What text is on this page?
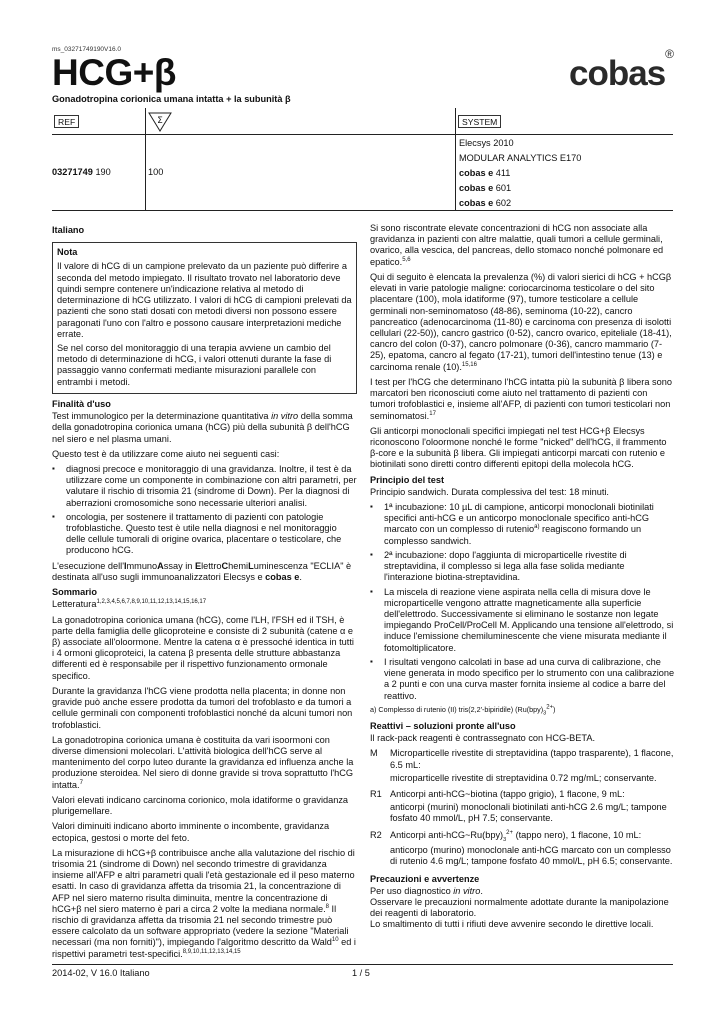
ms_03271749190V16.0
HCG+β
Gonadotropina corionica umana intatta + la subunità β
cobas®
REF	Σ	SYSTEM
03271749 190	100
Elecsys 2010
MODULAR ANALYTICS E170
cobas e 411
cobas e 601
cobas e 602
Italiano
Nota

Il valore di hCG di un campione prelevato da un paziente può differire a seconda del metodo impiegato. Il risultato trovato nel laboratorio deve quindi sempre contenere un'indicazione relativa al metodo di determinazione di hCG utilizzato. I valori di hCG di campioni prelevati da pazienti che sono stati dosati con metodi diversi non possono essere paragonati l'uno con l'altro e possono causare interpretazioni mediche errate.

Se nel corso del monitoraggio di una terapia avviene un cambio del metodo di determinazione di hCG, i valori ottenuti durante la fase di passaggio vanno confermati mediante misurazioni parallele con entrambi i metodi.

Finalità d'uso

Test immunologico per la determinazione quantitativa in vitro della somma della gonadotropina corionica umana (hCG) più della subunità β dell'hCG nel siero e nel plasma umani.

Questo test è da utilizzare come aiuto nei seguenti casi:

▪ diagnosi precoce e monitoraggio di una gravidanza. Inoltre, il test è da utilizzare come un componente in combinazione con altri parametri, per valutare il rischio di trisomia 21 (sindrome di Down). Per la diagnosi di aberrazioni cromosomiche sono necessarie ulteriori analisi.
▪ oncologia, per sostenere il trattamento di pazienti con patologie trofoblastiche. Questo test è utile nella diagnosi e nel monitoraggio delle cellule tumorali di origine ovarica, placentare o testicolare, che producono hCG.

L'esecuzione dell'ImmunoAssay in ElettroChemiLuminescenza "ECLIA" è destinata all'uso sugli immunoanalizzatori Elecsys e cobas e.

Sommario

Letteratura$^{1,2,3,4,5,6,7,8,9,10,11,12,13,14,15,16,17}$

La gonadotropina corionica umana (hCG), come l'LH, l'FSH ed il TSH, è parte della famiglia delle glicoproteine e consiste di 2 subunità (catene α e β) associate all'oloormone. Mentre la catena α è pressoché identica in tutti i 4 ormoni glicoproteici, la catena β presenta delle strutture abbastanza differenti ed è responsabile per il rispettivo funzionamento ormonale specifico.

Durante la gravidanza l'hCG viene prodotta nella placenta; in donne non gravide può anche essere prodotta da tumori del trofoblasto e da tumori a cellule germinali con componenti trofoblastici nonché da alcuni tumori non trofoblastici.

La gonadotropina corionica umana è costituita da vari isoormoni con diverse dimensioni molecolari. L'attività biologica dell'hCG serve al mantenimento del corpo luteo durante la gravidanza ed influenza anche la produzione steroidea. Nel siero di donne gravide si trova soprattutto l'hCG intatta.$^7$

Valori elevati indicano carcinoma corionico, mola idatiforme o gravidanza plurigemellare.

Valori diminuiti indicano aborto imminente o incombente, gravidanza ectopica, gestosi o morte del feto.

La misurazione di hCG+β contribuisce anche alla valutazione del rischio di trisomia 21 (sindrome di Down) nel secondo trimestre di gravidanza insieme all'AFP e altri parametri quali l'età gestazionale ed il peso materno esatti. In caso di gravidanza affetta da trisomia 21, la concentrazione di AFP nel siero materno risulta diminuita, mentre la concentrazione di hCG+β nel siero materno è pari a circa 2 volte la mediana normale.$^8$ Il rischio di gravidanza affetta da trisomia 21 nel secondo trimestre può essere calcolato da un software appropriato (vedere la sezione "Materiali necessari (ma non forniti)"), impiegando l'algoritmo descritto da Wald$^{10}$ ed i rispettivi parametri test-specifici.$^{8,9,10,11,12,13,14,15}$

Si sono riscontrate elevate concentrazioni di hCG non associate alla gravidanza in pazienti con altre malattie, quali tumori a cellule germinali, ovarico, alla vescica, del pancreas, dello stomaco nonché polmonare ed epatico.$^{5,6}$

Qui di seguito è elencata la prevalenza (%) di valori sierici di hCG + hCGβ elevati in varie patologie maligne: coriocarcinoma testicolare o del sito placentare (100), mola idatiforme (97), tumore testicolare a cellule germinali non-seminomatoso (48-86), seminoma (10-22), cancro pancreatico (adenocarcinoma (11-80) e carcinoma con presenza di isolotti cellulari (22-50)), cancro gastrico (0-52), cancro ovarico, epiteliale (18-41), cancro del colon (0-37), cancro polmonare (0-36), cancro mammario (7-25), epatoma, cancro al fegato (17-21), tumori dell'intestino tenue (13) e carcinoma renale (10).$^{15,16}$

I test per l'hCG che determinano l'hCG intatta più la subunità β libera sono marcatori ben riconosciuti come aiuto nel trattamento di pazienti con tumori trofoblastici e, insieme all'AFP, di pazienti con tumori testicolari non seminomatosi.$^{17}$

Gli anticorpi monoclonali specifici impiegati nel test HCG+β Elecsys riconoscono l'oloormone nonché le forme "nicked" dell'hCG, il frammento β-core e la subunità β libera. Gli impiegati anticorpi marcati con rutenio e biotinilati sono diretti contro differenti epitopi della molecola hCG.

Principio del test

Principio sandwich. Durata complessiva del test: 18 minuti.

▪ 1ª incubazione: 10 µL di campione, anticorpi monoclonali biotinilati specifici anti-hCG e un anticorpo monoclonale specifico anti-hCG marcato con un complesso di rutenio$^{a)}$ reagiscono formando un complesso sandwich.
▪ 2ª incubazione: dopo l'aggiunta di microparticelle rivestite di streptavidina, il complesso si lega alla fase solida mediante l'interazione biotina-streptavidina.
▪ La miscela di reazione viene aspirata nella cella di misura dove le microparticelle vengono attratte magneticamente alla superficie dell'elettrodo. Successivamente si eliminano le sostanze non legate impiegando ProCell/ProCell M. Applicando una tensione all'elettrodo, si induce l'emissione chemiluminescente che viene misurata mediante il fotomoltiplicatore.
▪ I risultati vengono calcolati in base ad una curva di calibrazione, che viene generata in modo specifico per lo strumento con una calibrazione a 2 punti e con una curva master fornita insieme al codice a barre del reattivo.

a) Complesso di rutenio (II) tris(2,2'-bipiridile) $(Ru(bpy)_3^{2+})$

Reattivi – soluzioni pronte all'uso

Il rack-pack reagenti è contrassegnato con HCG-BETA.

M	Microparticelle rivestite di streptavidina (tappo trasparente), 1 flacone, 6.5 mL:

microparticelle rivestite di streptavidina 0.72 mg/mL; conservante.

R1 Anticorpi anti-hCG~biotina (tappo grigio), 1 flacone, 9 mL:

anticorpi (murini) monoclonali biotinilati anti-hCG 2.6 mg/L; tampone fosfato 40 mmol/L, pH 7.5; conservante.

R2 Anticorpi anti-$hCG\sim Ru(bpy)_3^{2+}$ (tappo nero), 1 flacone, 10 mL:

anticorpo (murino) monoclonale anti-hCG marcato con un complesso di rutenio 4.6 mg/L; tampone fosfato 40 mmol/L, pH 6.5; conservante.

Precauzioni e avvertenze

Per uso diagnostico in vitro.

Osservare le precauzioni normalmente adottate durante la manipolazione dei reagenti di laboratorio.

Lo smaltimento di tutti i rifiuti deve avvenire secondo le direttive locali.

2014-02, V 16.0 Italiano	1 / 5
